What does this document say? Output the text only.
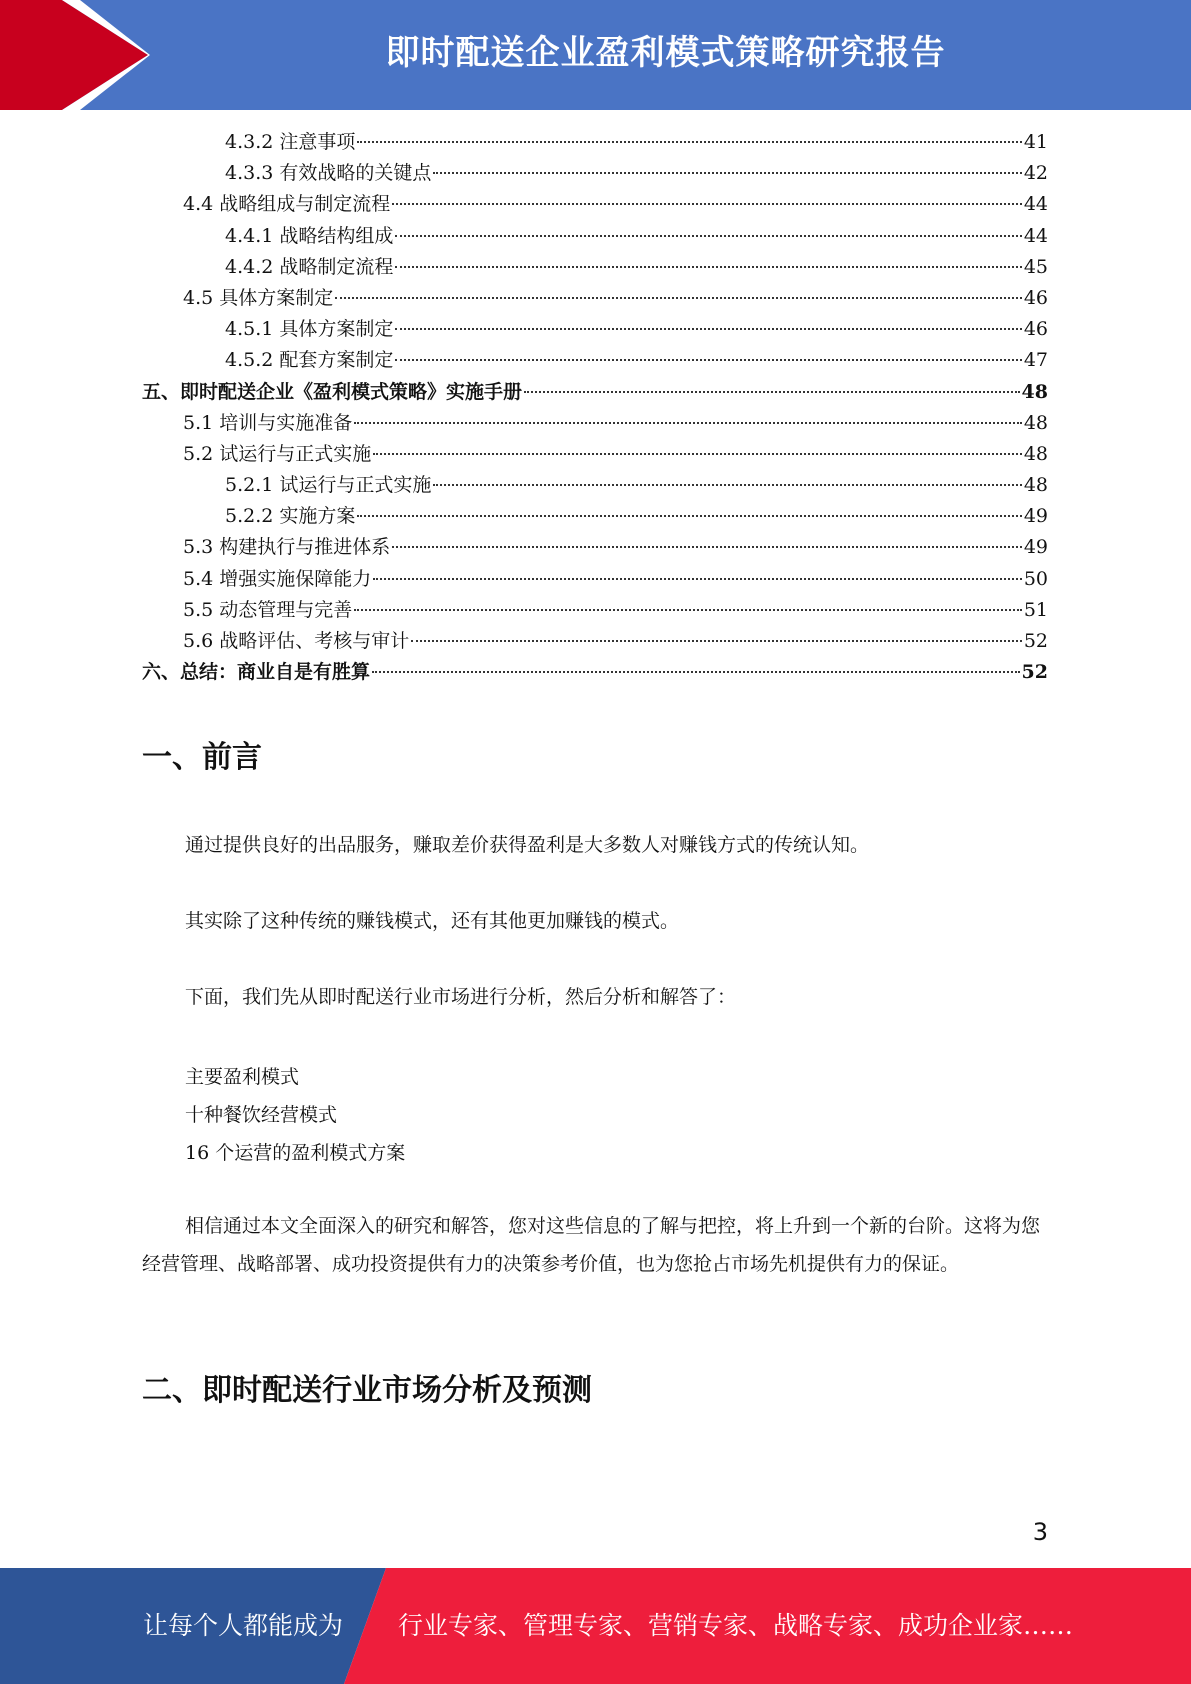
即时配送企业盈利模式策略研究报告
4.3.2 注意事项	41
4.3.3 有效战略的关键点	42
4.4 战略组成与制定流程	44
4.4.1 战略结构组成	44
4.4.2 战略制定流程	45
4.5 具体方案制定	46
4.5.1 具体方案制定	46
4.5.2 配套方案制定	47
五、即时配送企业《盈利模式策略》实施手册	48
5.1 培训与实施准备	48
5.2 试运行与正式实施	48
5.2.1 试运行与正式实施	48
5.2.2 实施方案	49
5.3 构建执行与推进体系	49
5.4 增强实施保障能力	50
5.5 动态管理与完善	51
5.6 战略评估、考核与审计	52
六、总结：商业自是有胜算	52
一、前言
通过提供良好的出品服务，赚取差价获得盈利是大多数人对赚钱方式的传统认知。
其实除了这种传统的赚钱模式，还有其他更加赚钱的模式。
下面，我们先从即时配送行业市场进行分析，然后分析和解答了：
主要盈利模式
十种餐饮经营模式
16 个运营的盈利模式方案
相信通过本文全面深入的研究和解答，您对这些信息的了解与把控，将上升到一个新的台阶。这将为您经营管理、战略部署、成功投资提供有力的决策参考价值，也为您抢占市场先机提供有力的保证。
二、即时配送行业市场分析及预测
3
让每个人都能成为 行业专家、管理专家、营销专家、战略专家、成功企业家……
